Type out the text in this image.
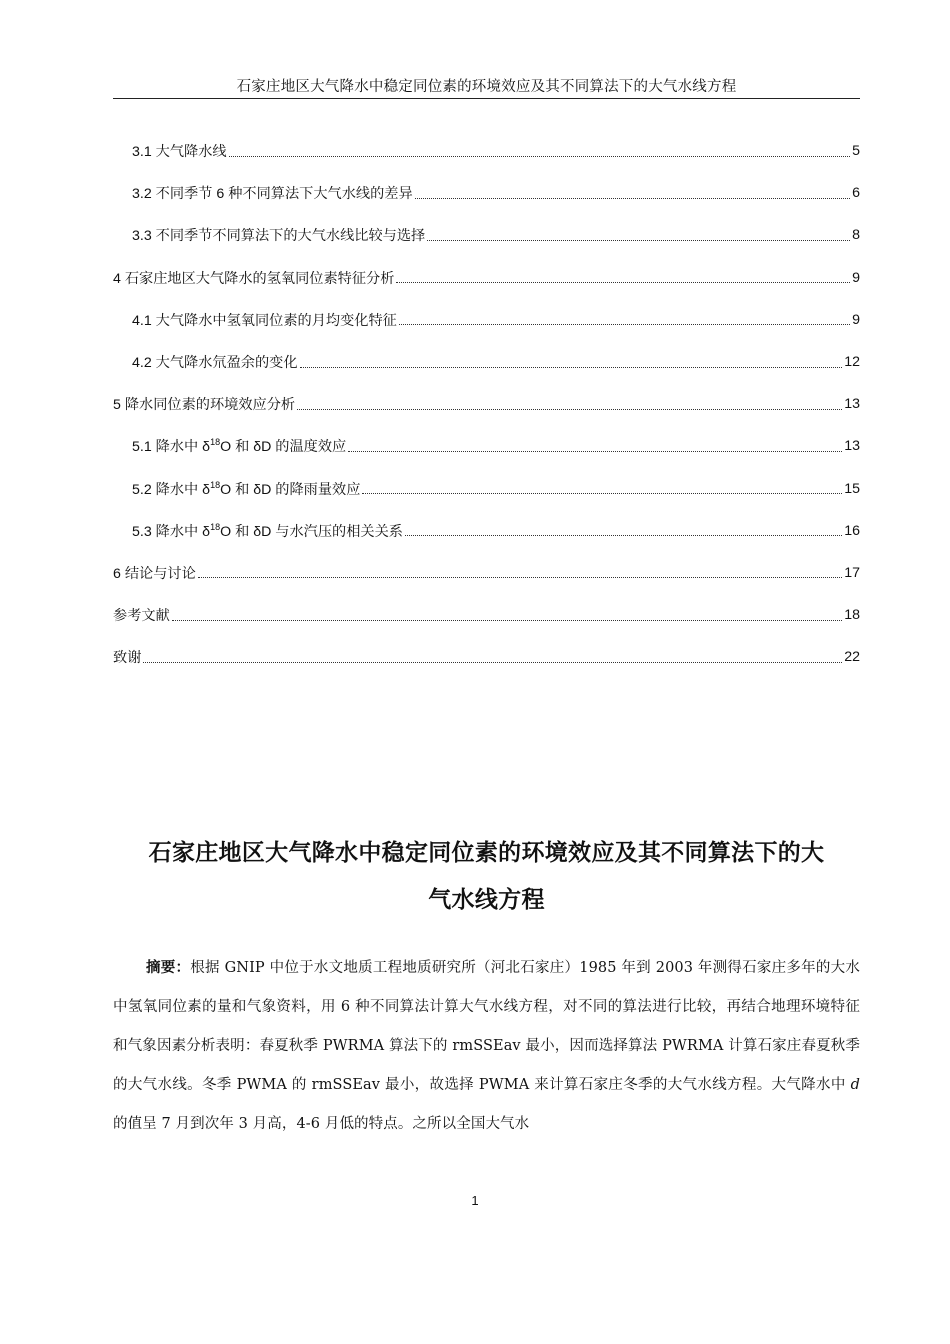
石家庄地区大气降水中稳定同位素的环境效应及其不同算法下的大气水线方程
3.1 大气降水线	5
3.2 不同季节 6 种不同算法下大气水线的差异	6
3.3 不同季节不同算法下的大气水线比较与选择	8
4 石家庄地区大气降水的氢氧同位素特征分析	9
4.1 大气降水中氢氧同位素的月均变化特征	9
4.2 大气降水氘盈余的变化	12
5 降水同位素的环境效应分析	13
5.1 降水中 $\delta^{18}O$ 和 δD 的温度效应	13
5.2 降水中 $\delta^{18}O$ 和 δD 的降雨量效应	15
5.3 降水中 $\delta^{18}O$ 和 δD 与水汽压的相关关系	16
6 结论与讨论	17
参考文献	18
致谢	22
石家庄地区大气降水中稳定同位素的环境效应及其不同算法下的大
气水线方程
摘要：根据 GNIP 中位于水文地质工程地质研究所（河北石家庄）1985 年到 2003 年测得石家庄多年的大水中氢氧同位素的量和气象资料，用 6 种不同算法计算大气水线方程，对不同的算法进行比较，再结合地理环境特征和气象因素分析表明：春夏秋季 PWRMA 算法下的 rmSSEav 最小，因而选择算法 PWRMA 计算石家庄春夏秋季的大气水线。冬季 PWMA 的 rmSSEav 最小，故选择 PWMA 来计算石家庄冬季的大气水线方程。大气降水中 d 的值呈 7 月到次年 3 月高，4-6 月低的特点。之所以全国大气水
1
